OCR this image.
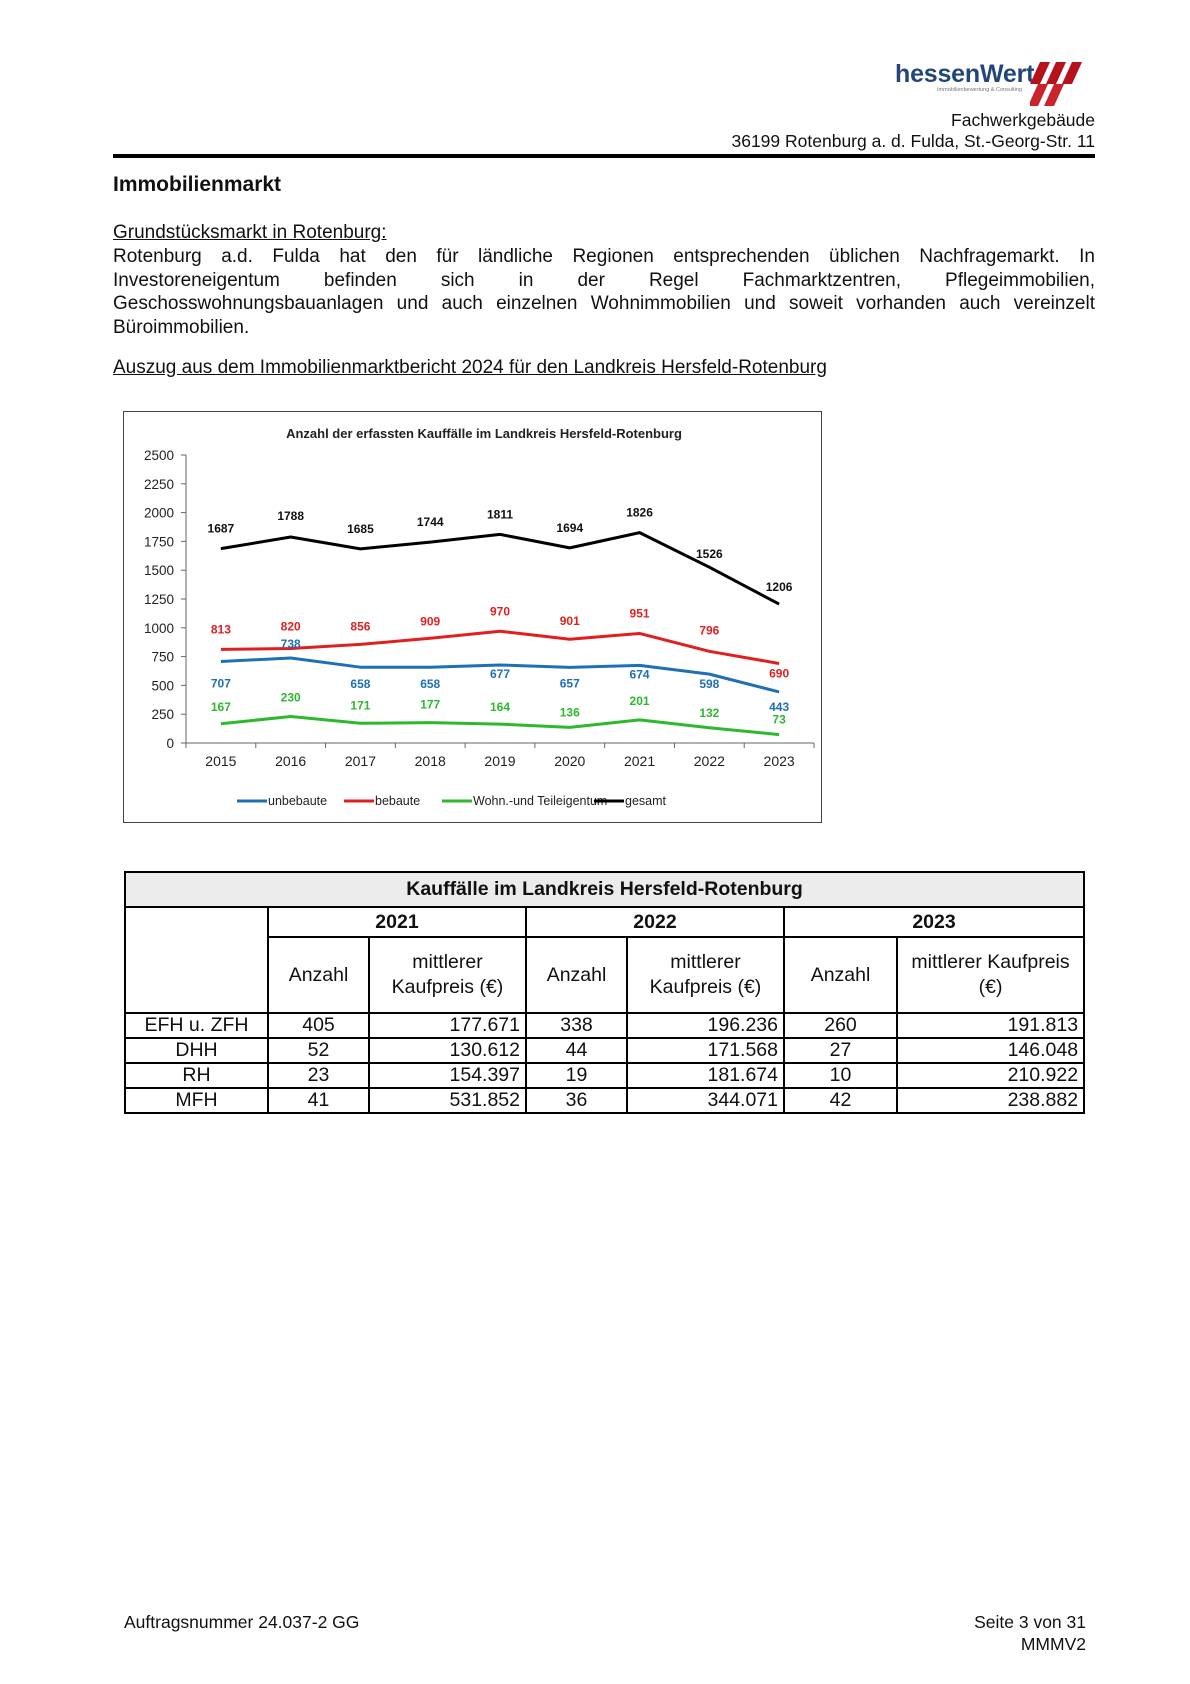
hessenWert
Immobilienbewertung & Consulting
Fachwerkgebäude
36199 Rotenburg a. d. Fulda, St.-Georg-Str. 11
Immobilienmarkt
Grundstücksmarkt in Rotenburg:
Rotenburg a.d. Fulda hat den für ländliche Regionen entsprechenden üblichen Nachfragemarkt. In Investoreneigentum befinden sich in der Regel Fachmarktzentren, Pflegeimmobilien, Geschosswohnungsbauanlagen und auch einzelnen Wohnimmobilien und soweit vorhanden auch vereinzelt Büroimmobilien.
Auszug aus dem Immobilienmarktbericht 2024 für den Landkreis Hersfeld-Rotenburg
Anzahl der erfassten Kauffälle im Landkreis Hersfeld-Rotenburg
0
250
500
750
1000
1250
1500
1750
2000
2250
2500
2015	2016	2017	2018	2019	2020	2021	2022	2023
707
738
658	658
677
657
674
598
443
813	820	856	909
970
901
951
796
690
167
230
171	177	164	136
201
132	73
1687
1788
1685	1744
1811
1694
1826
1526
1206
unbebaute	bebaute	Wohn.-und Teileigentum gesamt
Kauffälle im Landkreis Hersfeld-Rotenburg						
	2021		2022		2023	
	Anzahl	mittlerer Kaufpreis (€)	Anzahl	mittlerer Kaufpreis (€)	Anzahl	mittlerer Kaufpreis (€)
EFH u. ZFH	405	177.671	338	196.236	260	191.813
DHH	52	130.612	44	171.568	27	146.048
RH	23	154.397	19	181.674	10	210.922
MFH	41	531.852	36	344.071	42	238.882
Auftragsnummer 24.037-2 GG	Seite 3 von 31
MMMV2
